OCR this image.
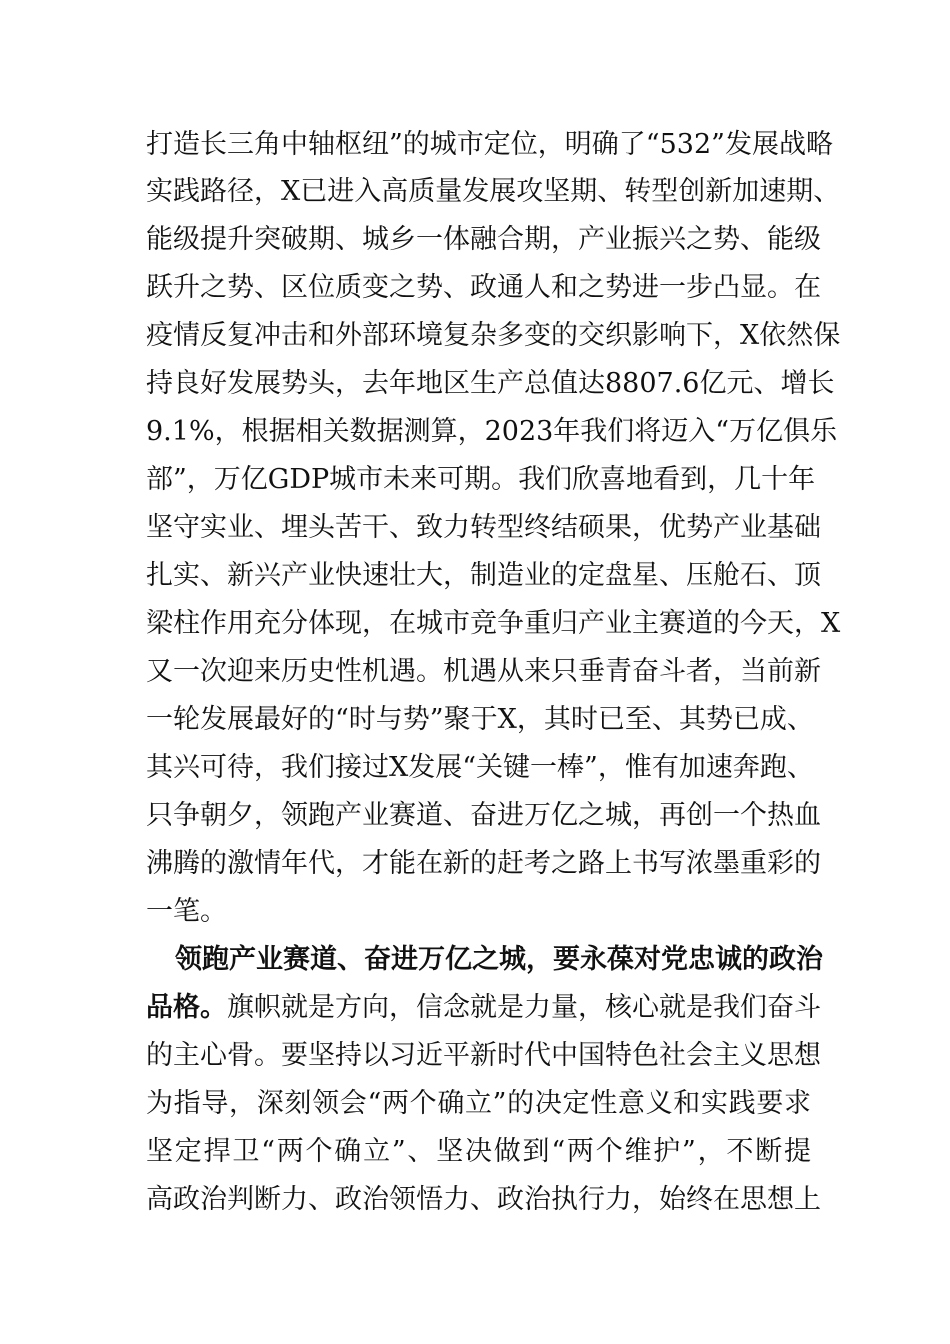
打造长三角中轴枢纽”的城市定位，明确了“532”发展战略
实践路径，X已进入高质量发展攻坚期、转型创新加速期、
能级提升突破期、城乡一体融合期，产业振兴之势、能级
跃升之势、区位质变之势、政通人和之势进一步凸显。在
疫情反复冲击和外部环境复杂多变的交织影响下，X依然保
持良好发展势头，去年地区生产总值达8807.6亿元、增长
9.1%，根据相关数据测算，2023年我们将迈入“万亿俱乐
部”，万亿GDP城市未来可期。我们欣喜地看到，几十年
坚守实业、埋头苦干、致力转型终结硕果，优势产业基础
扎实、新兴产业快速壮大，制造业的定盘星、压舱石、顶
梁柱作用充分体现，在城市竞争重归产业主赛道的今天，X
又一次迎来历史性机遇。机遇从来只垂青奋斗者，当前新
一轮发展最好的“时与势”聚于X，其时已至、其势已成、
其兴可待，我们接过X发展“关键一棒”，惟有加速奔跑、
只争朝夕，领跑产业赛道、奋进万亿之城，再创一个热血
沸腾的激情年代，才能在新的赶考之路上书写浓墨重彩的
一笔。
领跑产业赛道、奋进万亿之城，要永葆对党忠诚的政治
品格。旗帜就是方向，信念就是力量，核心就是我们奋斗
的主心骨。要坚持以习近平新时代中国特色社会主义思想
为指导，深刻领会“两个确立”的决定性意义和实践要求
坚定捍卫“两个确立”、坚决做到“两个维护”，不断提
高政治判断力、政治领悟力、政治执行力，始终在思想上
